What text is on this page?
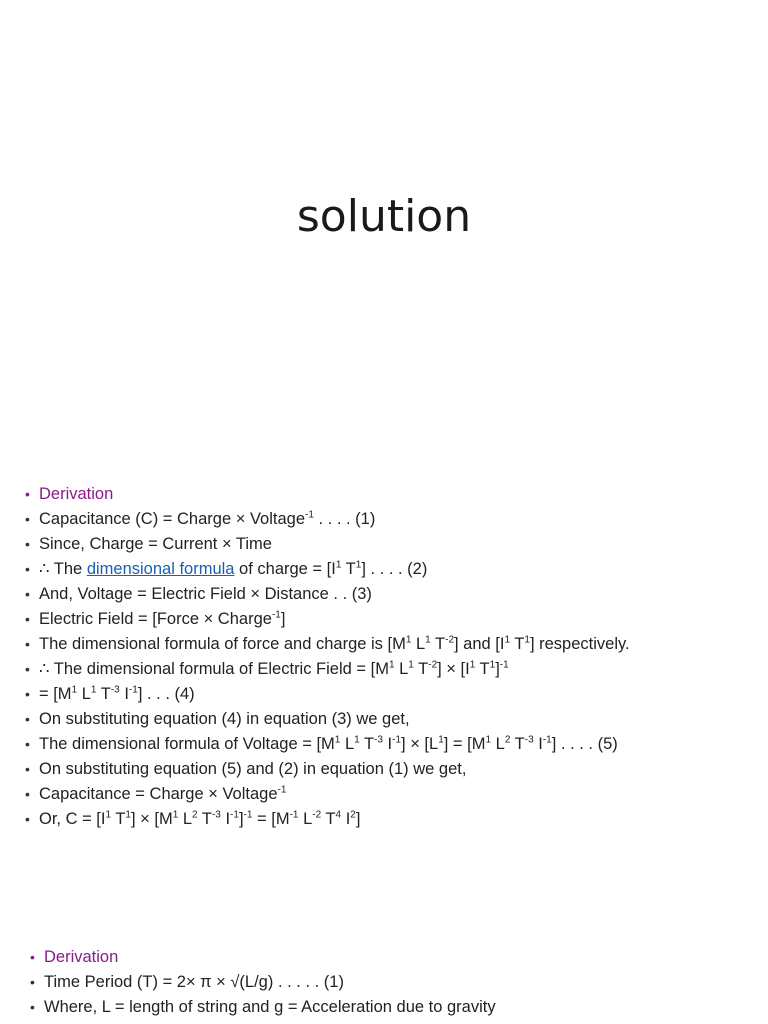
solution
• Derivation
• Capacitance (C) = Charge × Voltage$^{-1}$ . . . . (1)
• Since, Charge = Current × Time
• ∴ The dimensional formula of charge = [$I^1$ $T^1$] . . . . (2)
• And, Voltage = Electric Field × Distance . . (3)
• Electric Field = [Force × Charge$^{-1}$]
• The dimensional formula of force and charge is [$M^1$ $L^1$ $T^{-2}$] and [$I^1$ $T^1$] respectively.
• ∴ The dimensional formula of Electric Field = [$M^1$ $L^1$ $T^{-2}] \times [I^1$ $T^1]^{-1}$
• = [$M^1$ $L^1$ $T^{-3}$ $I^{-1}$] . . . (4)
• On substituting equation (4) in equation (3) we get,
• The dimensional formula of Voltage = [$M^1$ $L^1$ $T^{-3}$ $I^{-1}] \times [L^1] = [M^1$ $L^2$ $T^{-3}$ $I^{-1}$] . . . . (5)
• On substituting equation (5) and (2) in equation (1) we get,
• Capacitance = Charge × Voltage$^{-1}$
• Or, $C = [I^1$ $T^1] \times [M^1$ $L^2$ $T^{-3}$ $I^{-1}]^{-1} = [M^{-1}$ $L^{-2}$ $T^4$ $I^2$]
• Derivation
• Time Period (T) = 2× π × √(L/g) . . . . . (1)
• Where, L = length of string and g = Acceleration due to gravity
